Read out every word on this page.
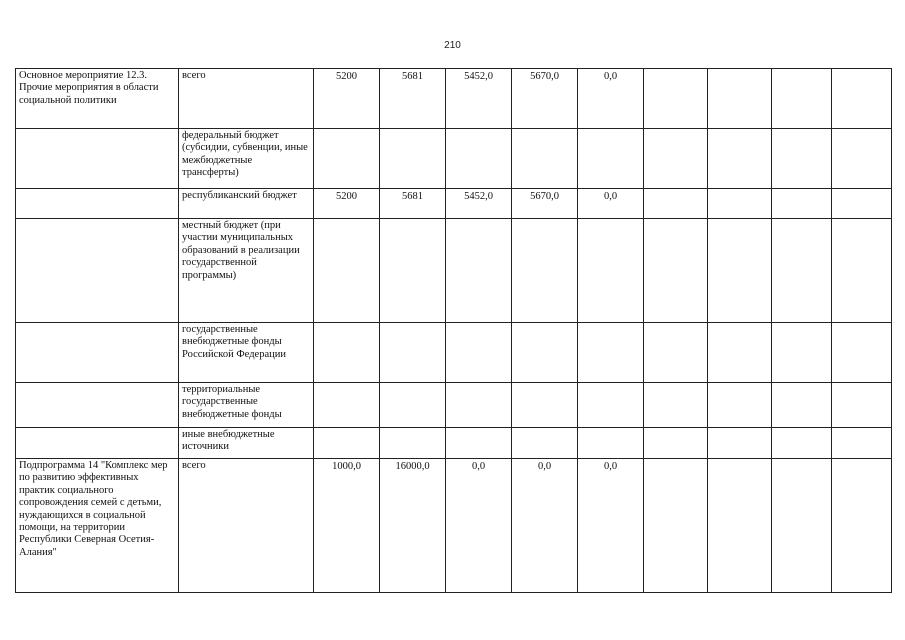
210
Основное мероприятие 12.3. Прочие мероприятия в области социальной политики	всего	5200	5681	5452,0	5670,0	0,0				
	федеральный бюджет (субсидии, субвенции, иные межбюджетные трансферты)									
	республиканский бюджет	5200	5681	5452,0	5670,0	0,0				
	местный бюджет (при участии муниципальных образований в реализации государственной программы)									
	государственные внебюджетные фонды Российской Федерации									
	территориальные государственные внебюджетные фонды									
	иные внебюджетные источники									
Подпрограмма 14 "Комплекс мер по развитию эффективных практик социального сопровождения семей с детьми, нуждающихся в социальной помощи, на территории Республики Северная Осетия-Алания"	всего	1000,0	16000,0	0,0	0,0	0,0				
